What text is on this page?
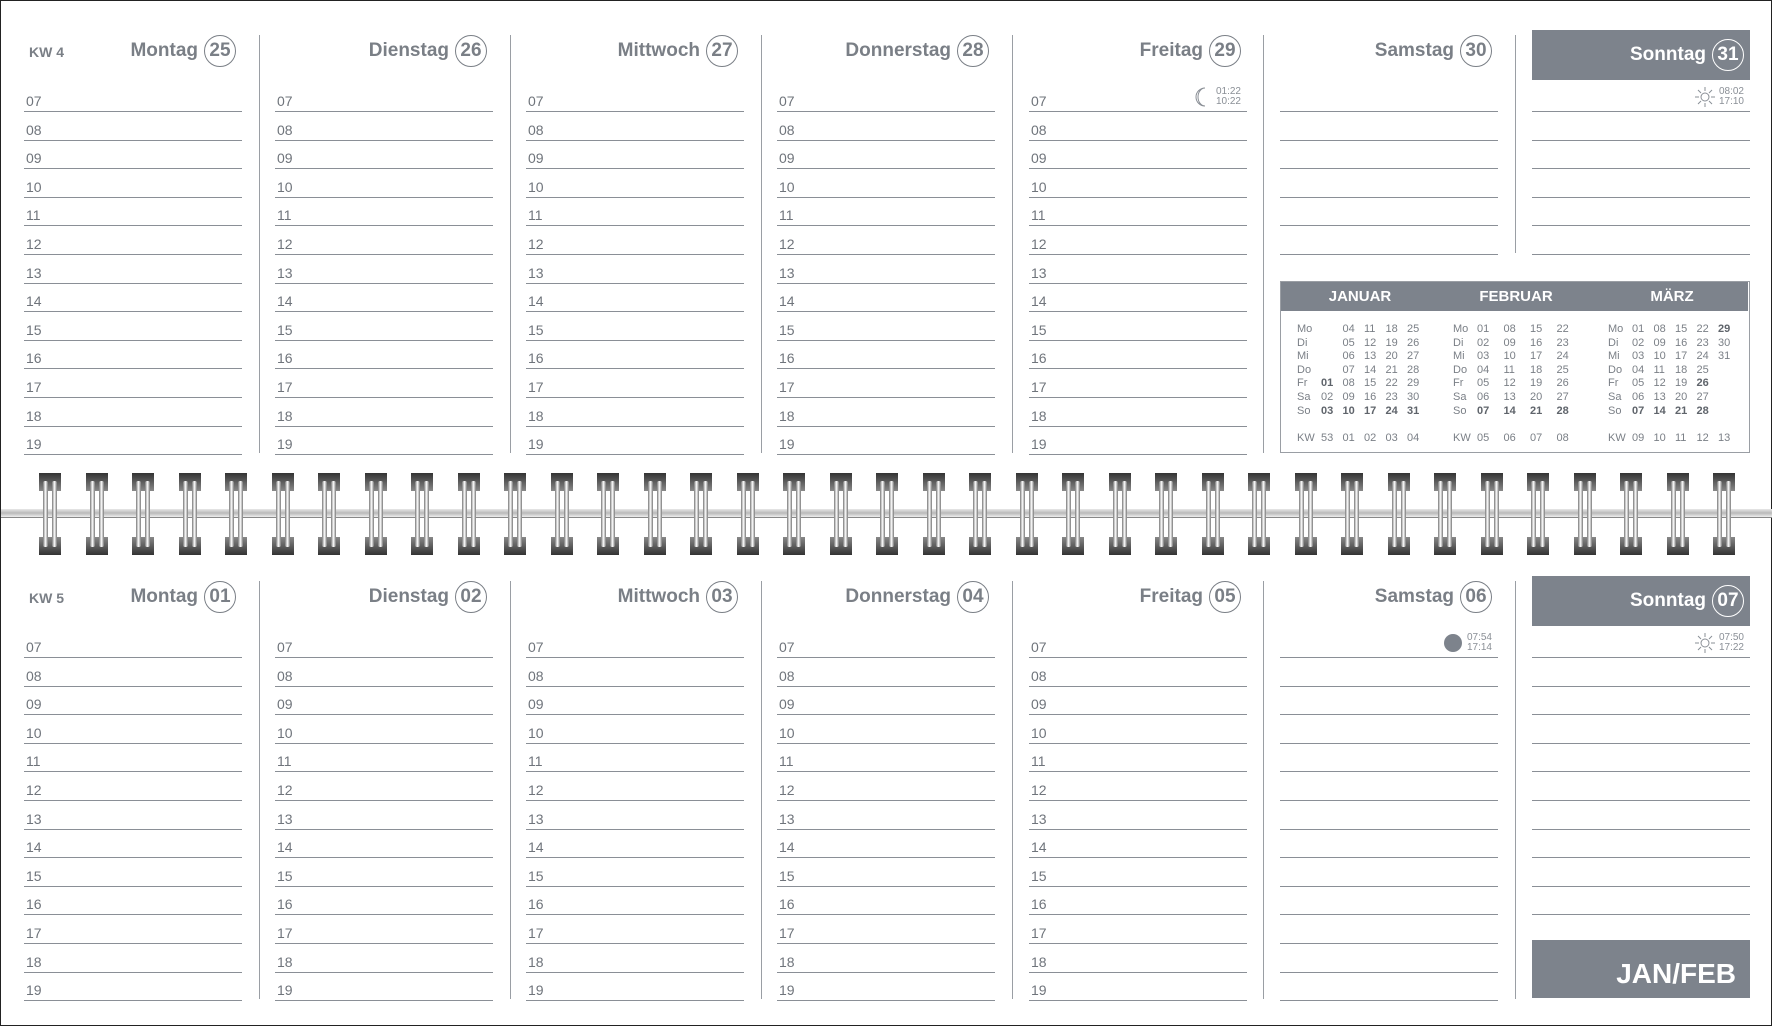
KW 4	Montag 25
07
08
09
10
11
12
13
14
15
16
17
18
19
Dienstag 26
07
08
09
10
11
12
13
14
15
16
17
18
19
Mittwoch 27
07
08
09
10
11
12
13
14
15
16
17
18
19
Donnerstag 28
07
08
09
10
11
12
13
14
15
16
17
18
19
Freitag 29
07
08
09
10
11
12
13
14
15
16
17
18
19
01:22
10:22
Samstag 30	Sonntag 31
08:02
17:10
KW 5	Montag 01
07
08
09
10
11
12
13
14
15
16
17
18
19
Dienstag 02
07
08
09
10
11
12
13
14
15
16
17
18
19
Mittwoch 03
07
08
09
10
11
12
13
14
15
16
17
18
19
Donnerstag 04
07
08
09
10
11
12
13
14
15
16
17
18
19
Freitag 05
07
08
09
10
11
12
13
14
15
16
17
18
19
Samstag 06
07:54
17:14
Sonntag 07
07:50
17:22
JANUAR	FEBRUAR	MÄRZ
Mo	04 11 18 25
Di	05 12 19 26
Mi	06 13 20 27
Do	07 14 21 28
Fr 01 08 15 22 29
Sa 02 09 16 23 30
So 03 10 17 24 31
KW 53 01 02 03 04
Mo 01 08 15 22
Di 02 09 16 23
Mi 03 10 17 24
Do 04 11 18 25
Fr 05 12 19 26
Sa 06 13 20 27
So 07 14 21 28
KW 05 06 07 08
Mo 01 08 15 22 29
Di 02 09 16 23 30
Mi 03 10 17 24 31
Do 04 11 18 25
Fr 05 12 19 26
Sa 06 13 20 27
So 07 14 21 28
KW 09 10 11 12 13
JAN/FEB
